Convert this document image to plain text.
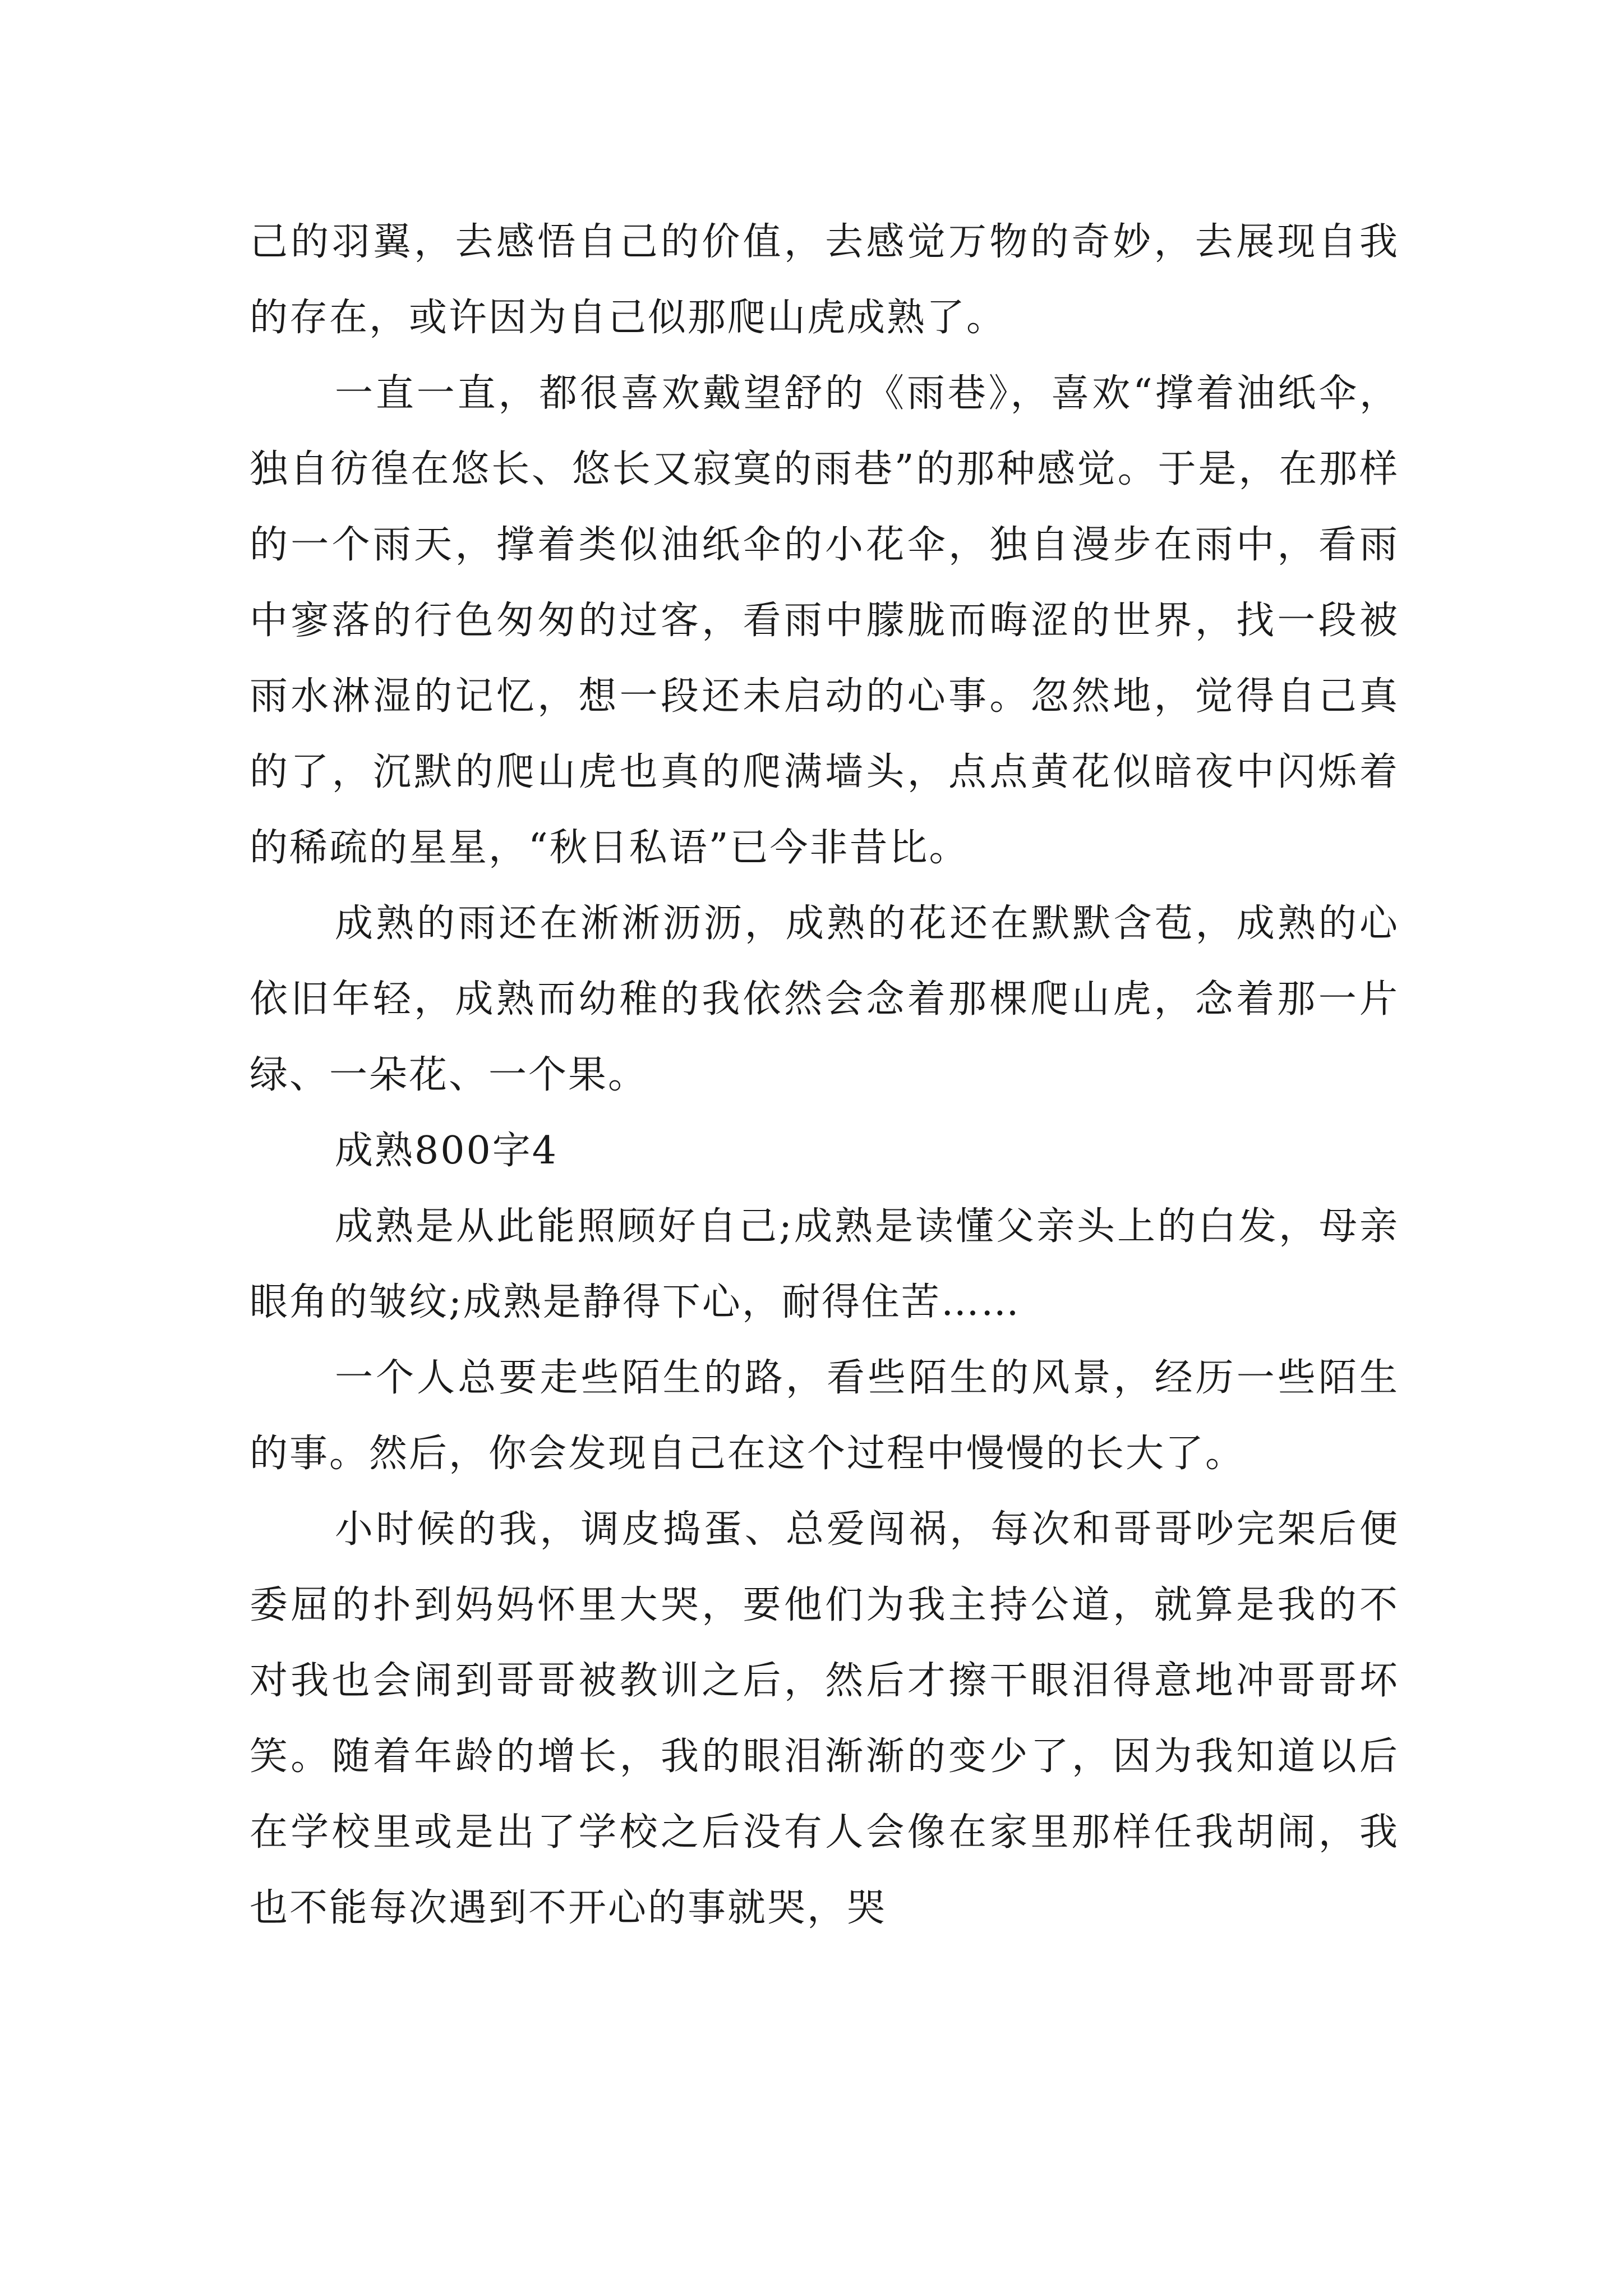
己的羽翼，去感悟自己的价值，去感觉万物的奇妙，去展现自我的存在，或许因为自己似那爬山虎成熟了。

一直一直，都很喜欢戴望舒的《雨巷》，喜欢“撑着油纸伞，独自彷徨在悠长、悠长又寂寞的雨巷”的那种感觉。于是，在那样的一个雨天，撑着类似油纸伞的小花伞，独自漫步在雨中，看雨中寥落的行色匆匆的过客，看雨中朦胧而晦涩的世界，找一段被雨水淋湿的记忆，想一段还未启动的心事。忽然地，觉得自己真的了，沉默的爬山虎也真的爬满墙头，点点黄花似暗夜中闪烁着的稀疏的星星，“秋日私语”已今非昔比。

成熟的雨还在淅淅沥沥，成熟的花还在默默含苞，成熟的心依旧年轻，成熟而幼稚的我依然会念着那棵爬山虎，念着那一片绿、一朵花、一个果。

成熟800字4

成熟是从此能照顾好自己;成熟是读懂父亲头上的白发，母亲眼角的皱纹;成熟是静得下心，耐得住苦……

一个人总要走些陌生的路，看些陌生的风景，经历一些陌生的事。然后，你会发现自己在这个过程中慢慢的长大了。

小时候的我，调皮捣蛋、总爱闯祸，每次和哥哥吵完架后便委屈的扑到妈妈怀里大哭，要他们为我主持公道，就算是我的不对我也会闹到哥哥被教训之后，然后才擦干眼泪得意地冲哥哥坏笑。随着年龄的增长，我的眼泪渐渐的变少了，因为我知道以后在学校里或是出了学校之后没有人会像在家里那样任我胡闹，我也不能每次遇到不开心的事就哭，哭
